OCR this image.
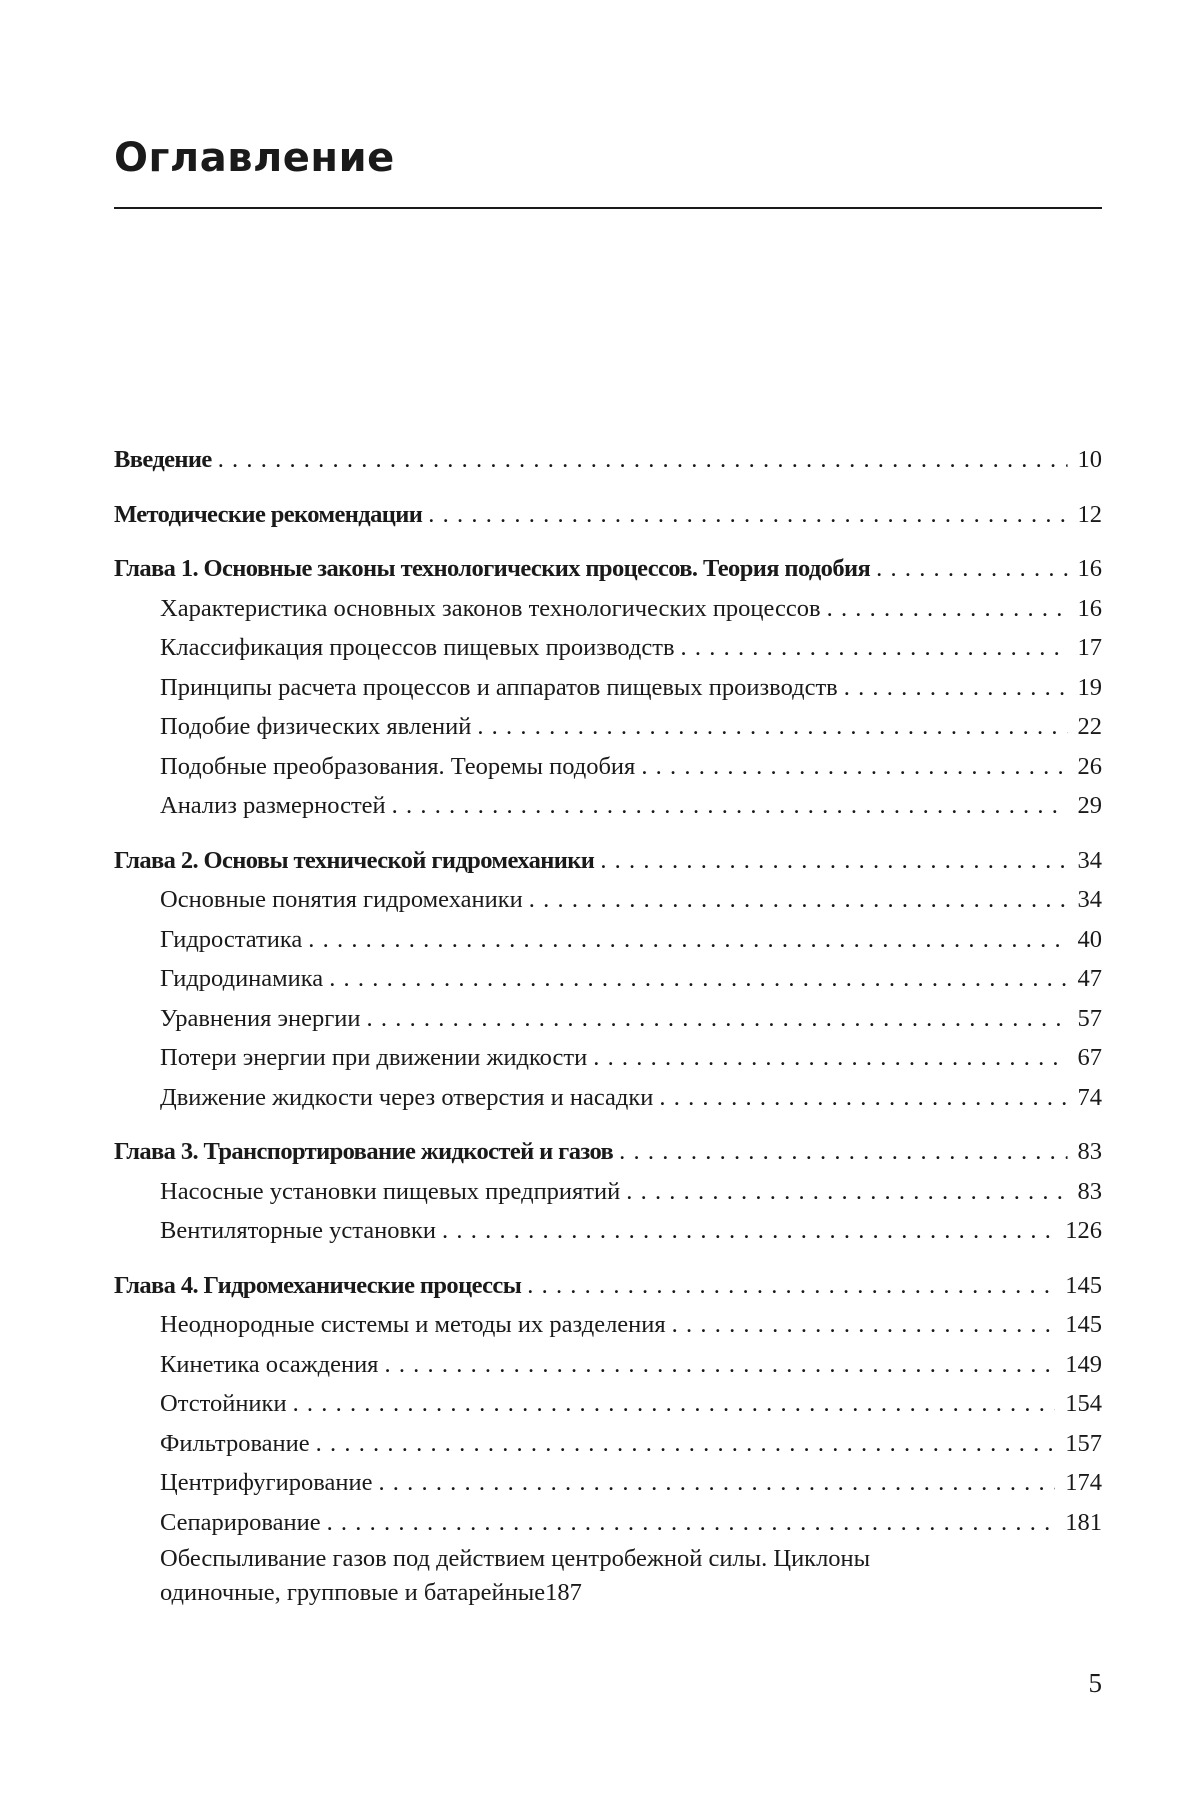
Оглавление
Введение . . .	10
Методические рекомендации . . .	12
Глава 1. Основные законы технологических процессов. Теория подобия . . .	16
Характеристика основных законов технологических процессов . . .	16
Классификация процессов пищевых производств . . .	17
Принципы расчета процессов и аппаратов пищевых производств . . .	19
Подобие физических явлений . . .	22
Подобные преобразования. Теоремы подобия . . .	26
Анализ размерностей . . .	29
Глава 2. Основы технической гидромеханики . . .	34
Основные понятия гидромеханики . . .	34
Гидростатика . . .	40
Гидродинамика . . .	47
Уравнения энергии . . .	57
Потери энергии при движении жидкости . . .	67
Движение жидкости через отверстия и насадки . . .	74
Глава 3. Транспортирование жидкостей и газов . . .	83
Насосные установки пищевых предприятий . . .	83
Вентиляторные установки . . .	126
Глава 4. Гидромеханические процессы . . .	145
Неоднородные системы и методы их разделения . . .	145
Кинетика осаждения . . .	149
Отстойники . . .	154
Фильтрование . . .	157
Центрифугирование . . .	174
Сепарирование . . .	181
Обеспыливание газов под действием центробежной силы. Циклоны
одиночные, групповые и батарейные 187
5
